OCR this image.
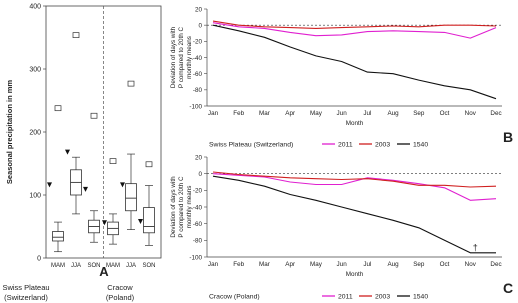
0
100
200
300
400
Seasonal precipitation in mm
MAM JJA SON MAM JJA SON
A
Swiss Plateau
(Switzerland)
Cracow
(Poland)
20
0
-20
-40
-60
-80
-100
Jan Feb Mar Apr May Jun	Jul	Aug Sep Oct Nov Dec
Month
Deviation of days with P compared to 20th C monthly means
2011	2003	1540
Swiss Plateau (Switzerland)	B
20
0
-20
-40
-60
-80
-100
Jan Feb Mar Apr May Jun	Jul	Aug Sep Oct Nov Dec
Month
Deviation of days with P compared to 20th C monthly means
†
2011	2003	1540
Cracow (Poland)
C
